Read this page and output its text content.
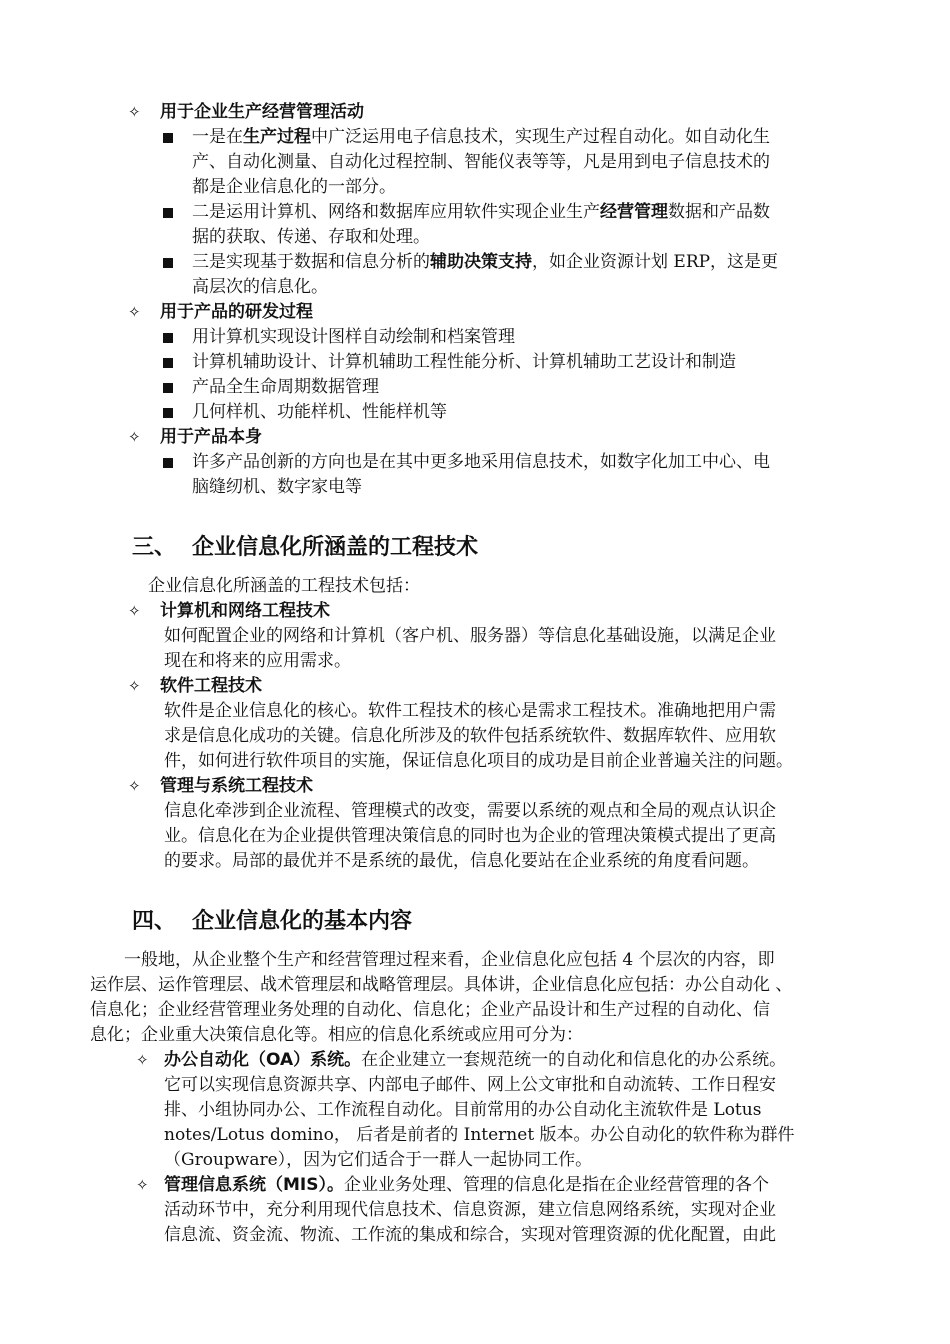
✧ 用于企业生产经营管理活动
一是在生产过程中广泛运用电子信息技术，实现生产过程自动化。如自动化生
产、自动化测量、自动化过程控制、智能仪表等等，凡是用到电子信息技术的
都是企业信息化的一部分。
二是运用计算机、网络和数据库应用软件实现企业生产经营管理数据和产品数
据的获取、传递、存取和处理。
三是实现基于数据和信息分析的辅助决策支持，如企业资源计划 ERP，这是更
高层次的信息化。
✧ 用于产品的研发过程
用计算机实现设计图样自动绘制和档案管理
计算机辅助设计、计算机辅助工程性能分析、计算机辅助工艺设计和制造
产品全生命周期数据管理
几何样机、功能样机、性能样机等
✧ 用于产品本身
许多产品创新的方向也是在其中更多地采用信息技术，如数字化加工中心、电
脑缝纫机、数字家电等
三、 企业信息化所涵盖的工程技术
企业信息化所涵盖的工程技术包括：
✧ 计算机和网络工程技术
如何配置企业的网络和计算机（客户机、服务器）等信息化基础设施，以满足企业
现在和将来的应用需求。
✧ 软件工程技术
软件是企业信息化的核心。软件工程技术的核心是需求工程技术。准确地把用户需
求是信息化成功的关键。信息化所涉及的软件包括系统软件、数据库软件、应用软
件，如何进行软件项目的实施，保证信息化项目的成功是目前企业普遍关注的问题。
✧ 管理与系统工程技术
信息化牵涉到企业流程、管理模式的改变，需要以系统的观点和全局的观点认识企
业。信息化在为企业提供管理决策信息的同时也为企业的管理决策模式提出了更高
的要求。局部的最优并不是系统的最优，信息化要站在企业系统的角度看问题。
四、 企业信息化的基本内容
一般地，从企业整个生产和经营管理过程来看，企业信息化应包括 4 个层次的内容，即
运作层、运作管理层、战术管理层和战略管理层。具体讲，企业信息化应包括：办公自动化 、
信息化；企业经营管理业务处理的自动化、信息化；企业产品设计和生产过程的自动化、信
息化；企业重大决策信息化等。相应的信息化系统或应用可分为：
✧ 办公自动化（OA）系统。在企业建立一套规范统一的自动化和信息化的办公系统。
它可以实现信息资源共享、内部电子邮件、网上公文审批和自动流转、工作日程安
排、小组协同办公、工作流程自动化。目前常用的办公自动化主流软件是 Lotus
notes/Lotus domino， 后者是前者的 Internet 版本。办公自动化的软件称为群件
（Groupware），因为它们适合于一群人一起协同工作。
✧ 管理信息系统（MIS）。企业业务处理、管理的信息化是指在企业经营管理的各个
活动环节中，充分利用现代信息技术、信息资源，建立信息网络系统，实现对企业
信息流、资金流、物流、工作流的集成和综合，实现对管理资源的优化配置，由此
